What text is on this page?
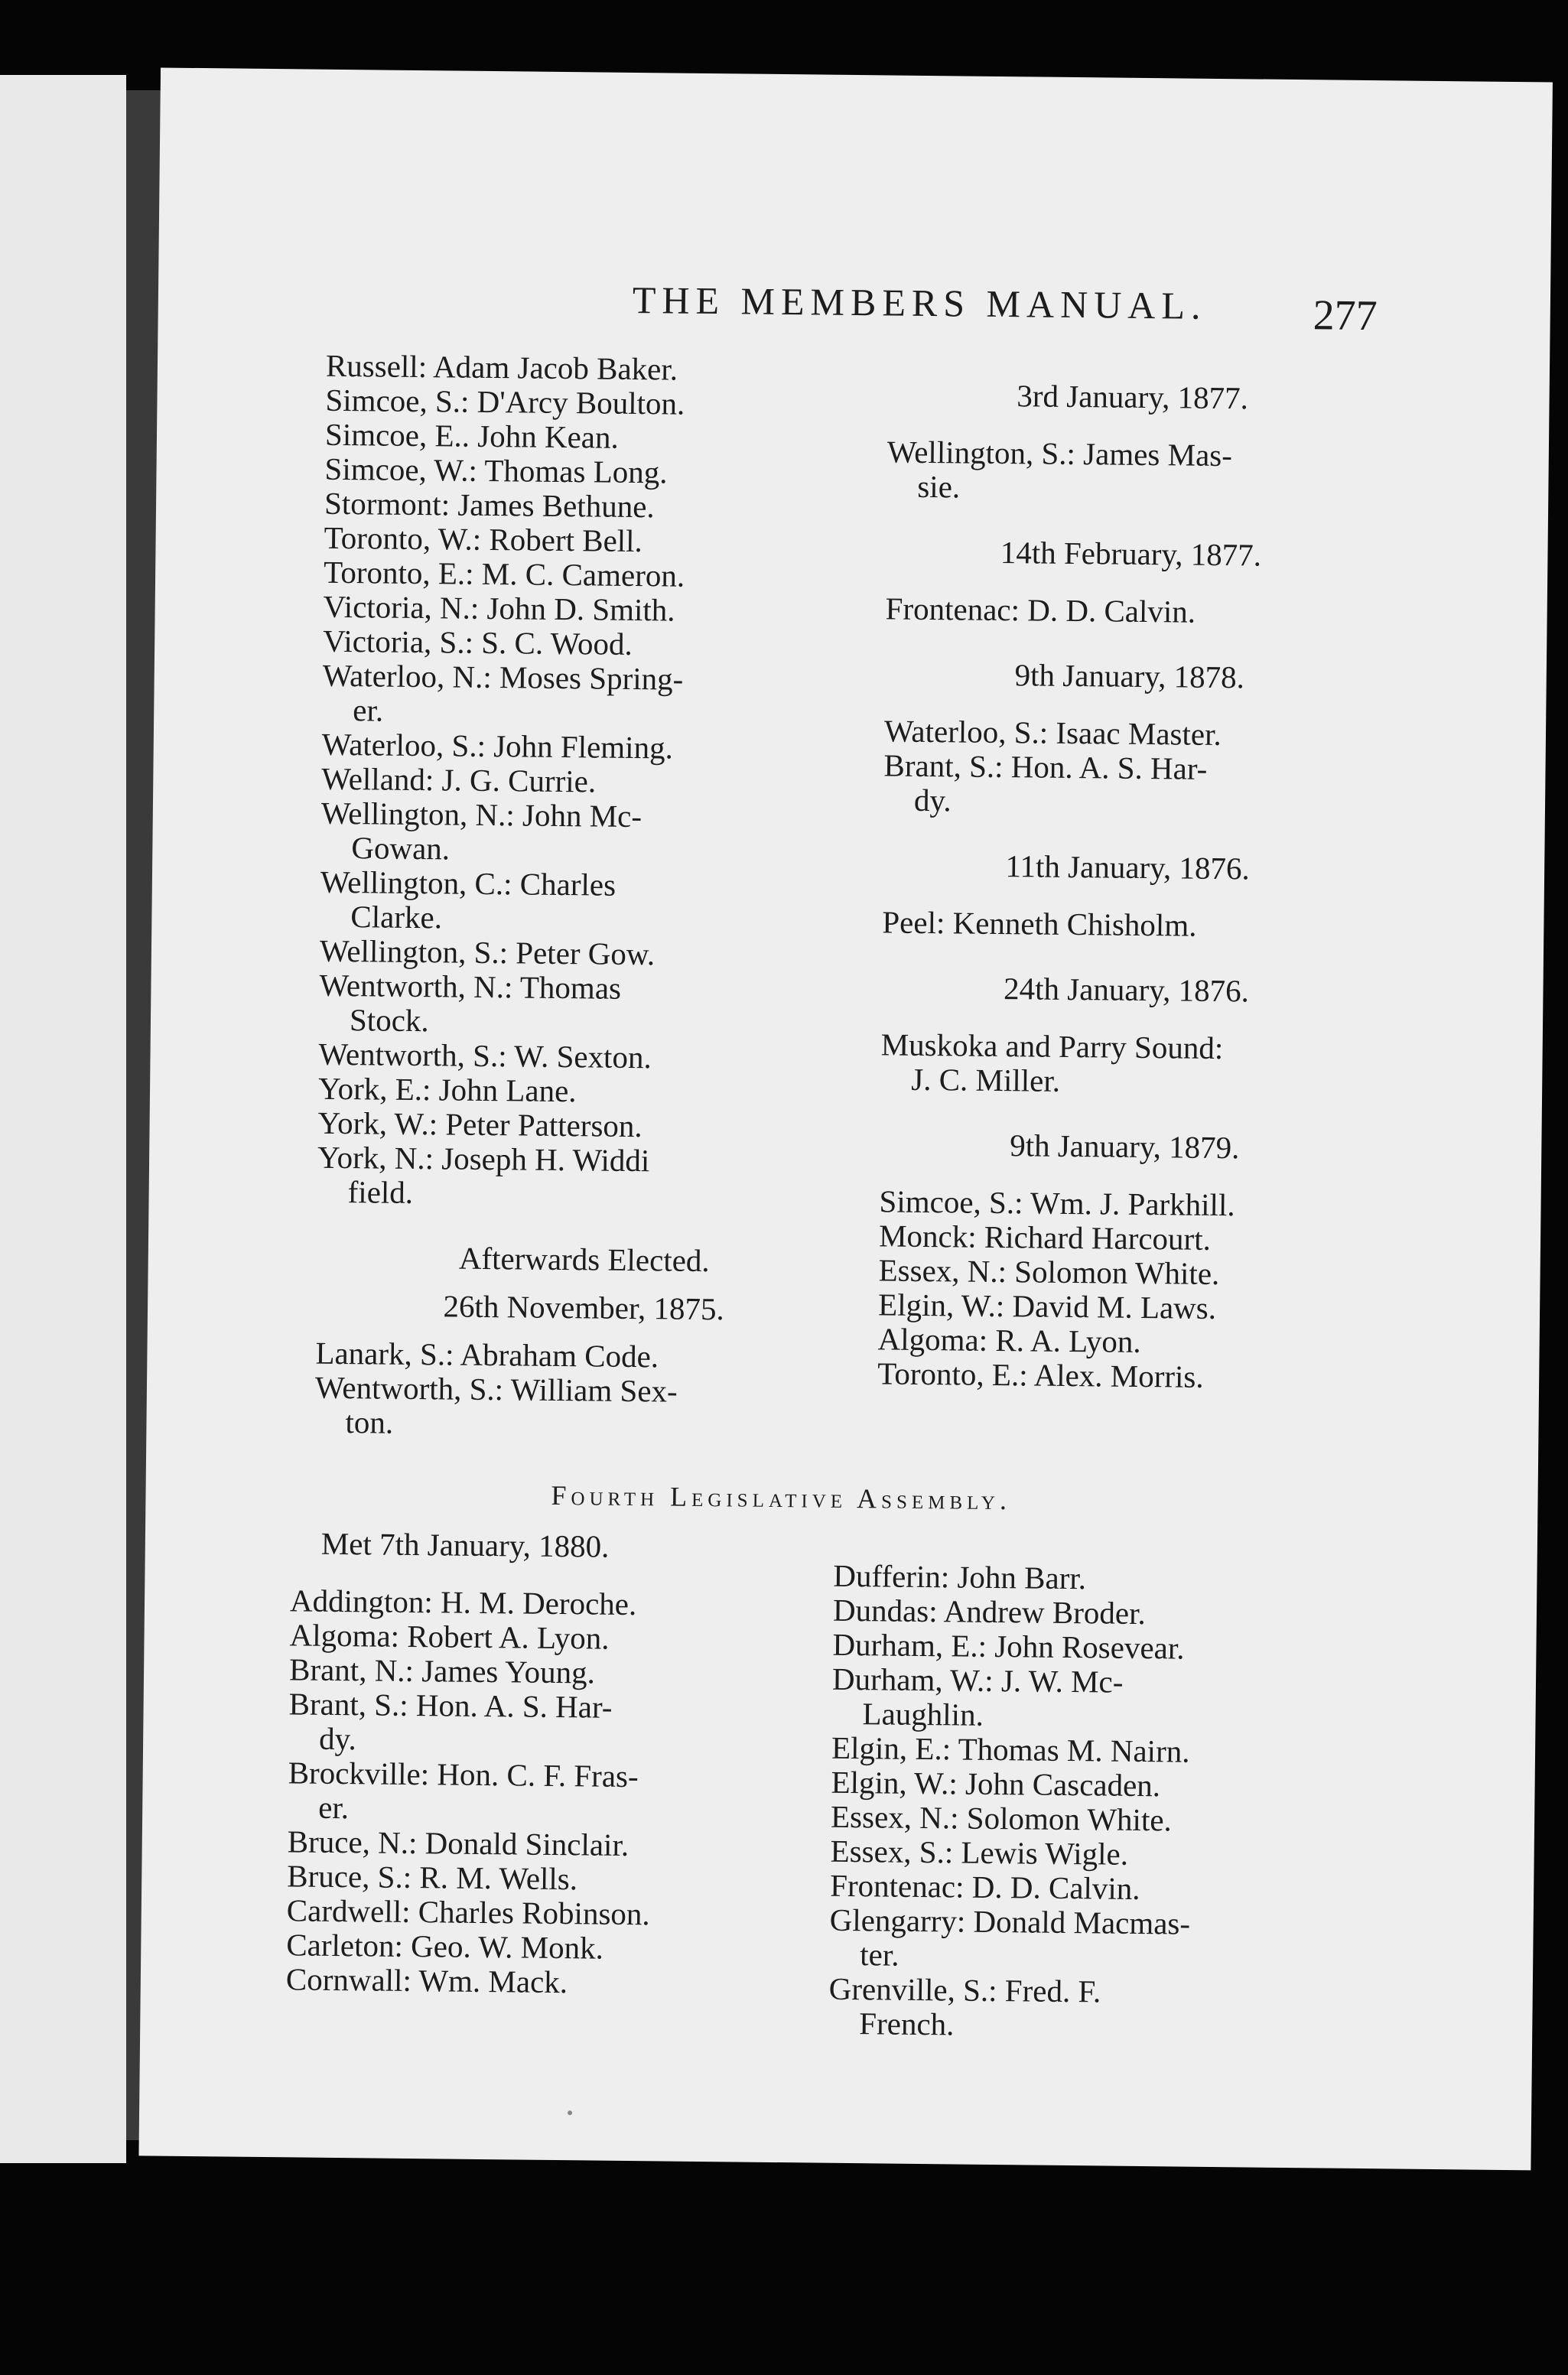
THE MEMBERS MANUAL. 277

Russell: Adam Jacob Baker.

Simcoe, S.: D'Arcy Boulton.

Simcoe, E.. John Kean.

Simcoe, W.: Thomas Long.

Stormont: James Bethune.

Toronto, W.: Robert Bell.

Toronto, E.: M. C. Cameron.

Victoria, N.: John D. Smith.

Victoria, S.: S. C. Wood.

Waterloo, N.: Moses Spring-

er.

Waterloo, S.: John Fleming.

Welland: J. G. Currie.

Wellington, N.: John Mc-

Gowan.

Wellington, C.: Charles

Clarke.

Wellington, S.: Peter Gow.

Wentworth, N.: Thomas

Stock.

Wentworth, S.: W. Sexton.

York, E.: John Lane.

York, W.: Peter Patterson.

York, N.: Joseph H. Widdi

field.

Afterwards Elected.

26th November, 1875.

Lanark, S.: Abraham Code.

Wentworth, S.: William Sex-

ton.

3rd January, 1877.

Wellington, S.: James Mas-

sie.

14th February, 1877.

Frontenac: D. D. Calvin.

9th January, 1878.

Waterloo, S.: Isaac Master.

Brant, S.: Hon. A. S. Har-

dy.

11th January, 1876.

Peel: Kenneth Chisholm.

24th January, 1876.

Muskoka and Parry Sound:

J. C. Miller.

9th January, 1879.

Simcoe, S.: Wm. J. Parkhill.

Monck: Richard Harcourt.

Essex, N.: Solomon White.

Elgin, W.: David M. Laws.

Algoma: R. A. Lyon.

Toronto, E.: Alex. Morris.

Fourth Legislative Assembly.

Met 7th January, 1880.

Addington: H. M. Deroche.

Algoma: Robert A. Lyon.

Brant, N.: James Young.

Brant, S.: Hon. A. S. Har-

dy.

Brockville: Hon. C. F. Fras-

er.

Bruce, N.: Donald Sinclair.

Bruce, S.: R. M. Wells.

Cardwell: Charles Robinson.

Carleton: Geo. W. Monk.

Cornwall: Wm. Mack.

Dufferin: John Barr.

Dundas: Andrew Broder.

Durham, E.: John Rosevear.

Durham, W.: J. W. Mc-

Laughlin.

Elgin, E.: Thomas M. Nairn.

Elgin, W.: John Cascaden.

Essex, N.: Solomon White.

Essex, S.: Lewis Wigle.

Frontenac: D. D. Calvin.

Glengarry: Donald Macmas-

ter.

Grenville, S.: Fred. F.

French.
